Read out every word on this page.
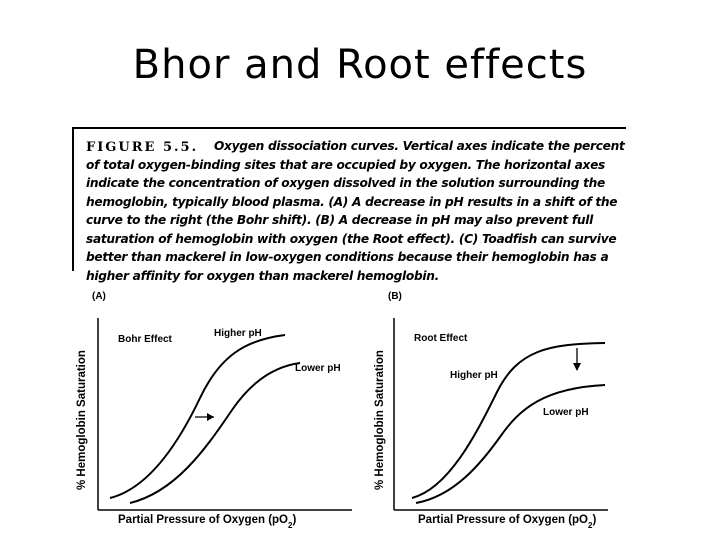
Bhor and Root effects
FIGURE 5.5.	Oxygen dissociation curves. Vertical axes indicate the percent of total oxygen-binding sites that are occupied by oxygen. The horizontal axes indicate the concentration of oxygen dissolved in the solution surrounding the hemoglobin, typically blood plasma. (A) A decrease in pH results in a shift of the curve to the right (the Bohr shift). (B) A decrease in pH may also prevent full saturation of hemoglobin with oxygen (the Root effect). (C) Toadfish can survive better than mackerel in low-oxygen conditions because their hemoglobin has a higher affinity for oxygen than mackerel hemoglobin.

(A)
Bohr Effect
Higher pH
Lower pH
% Hemoglobin Saturation
Partial Pressure of Oxygen $(pO_2)$
(B)
Root Effect
Higher pH
Lower pH
% Hemoglobin Saturation
Partial Pressure of Oxygen $(pO_2)$
